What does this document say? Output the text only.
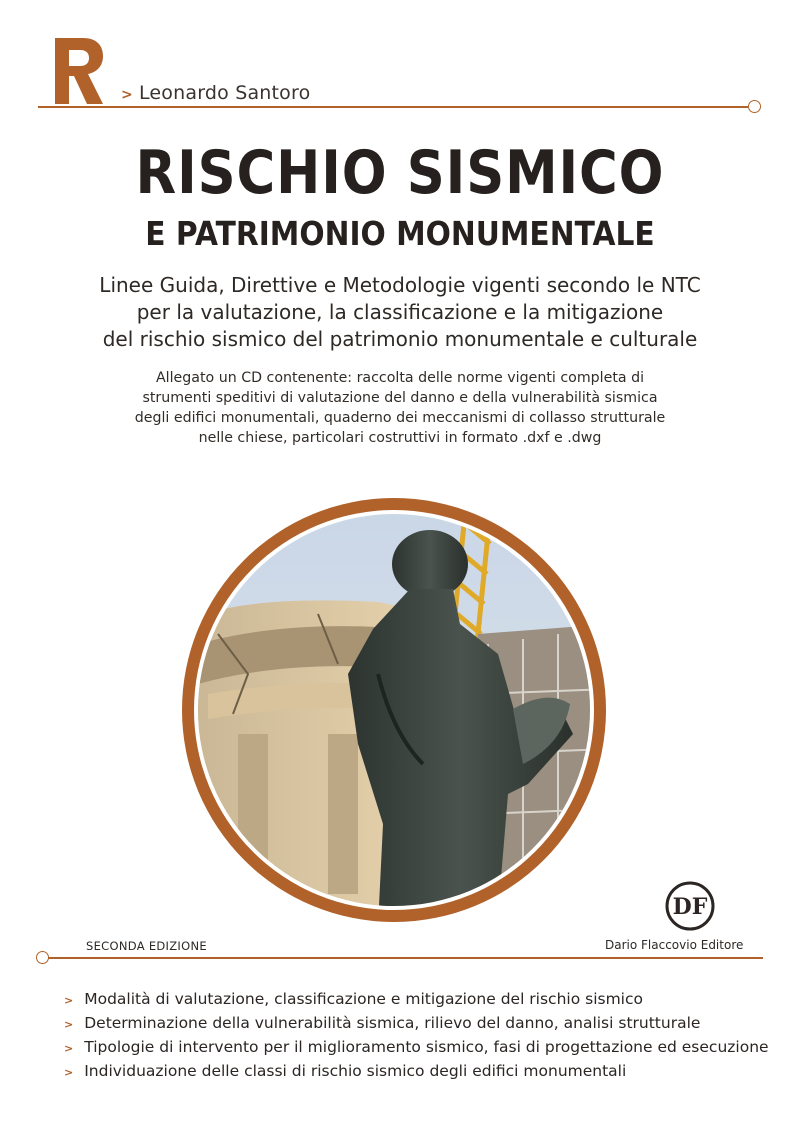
R
> Leonardo Santoro
RISCHIO SISMICO
E PATRIMONIO MONUMENTALE
Linee Guida, Direttive e Metodologie vigenti secondo le NTC
per la valutazione, la classificazione e la mitigazione
del rischio sismico del patrimonio monumentale e culturale
Allegato un CD contenente: raccolta delle norme vigenti completa di
strumenti speditivi di valutazione del danno e della vulnerabilità sismica
degli edifici monumentali, quaderno dei meccanismi di collasso strutturale
nelle chiese, particolari costruttivi in formato .dxf e .dwg
DF
SECONDA EDIZIONE	Dario Flaccovio Editore
> Modalità di valutazione, classificazione e mitigazione del rischio sismico
> Determinazione della vulnerabilità sismica, rilievo del danno, analisi strutturale
> Tipologie di intervento per il miglioramento sismico, fasi di progettazione ed esecuzione
> Individuazione delle classi di rischio sismico degli edifici monumentali
